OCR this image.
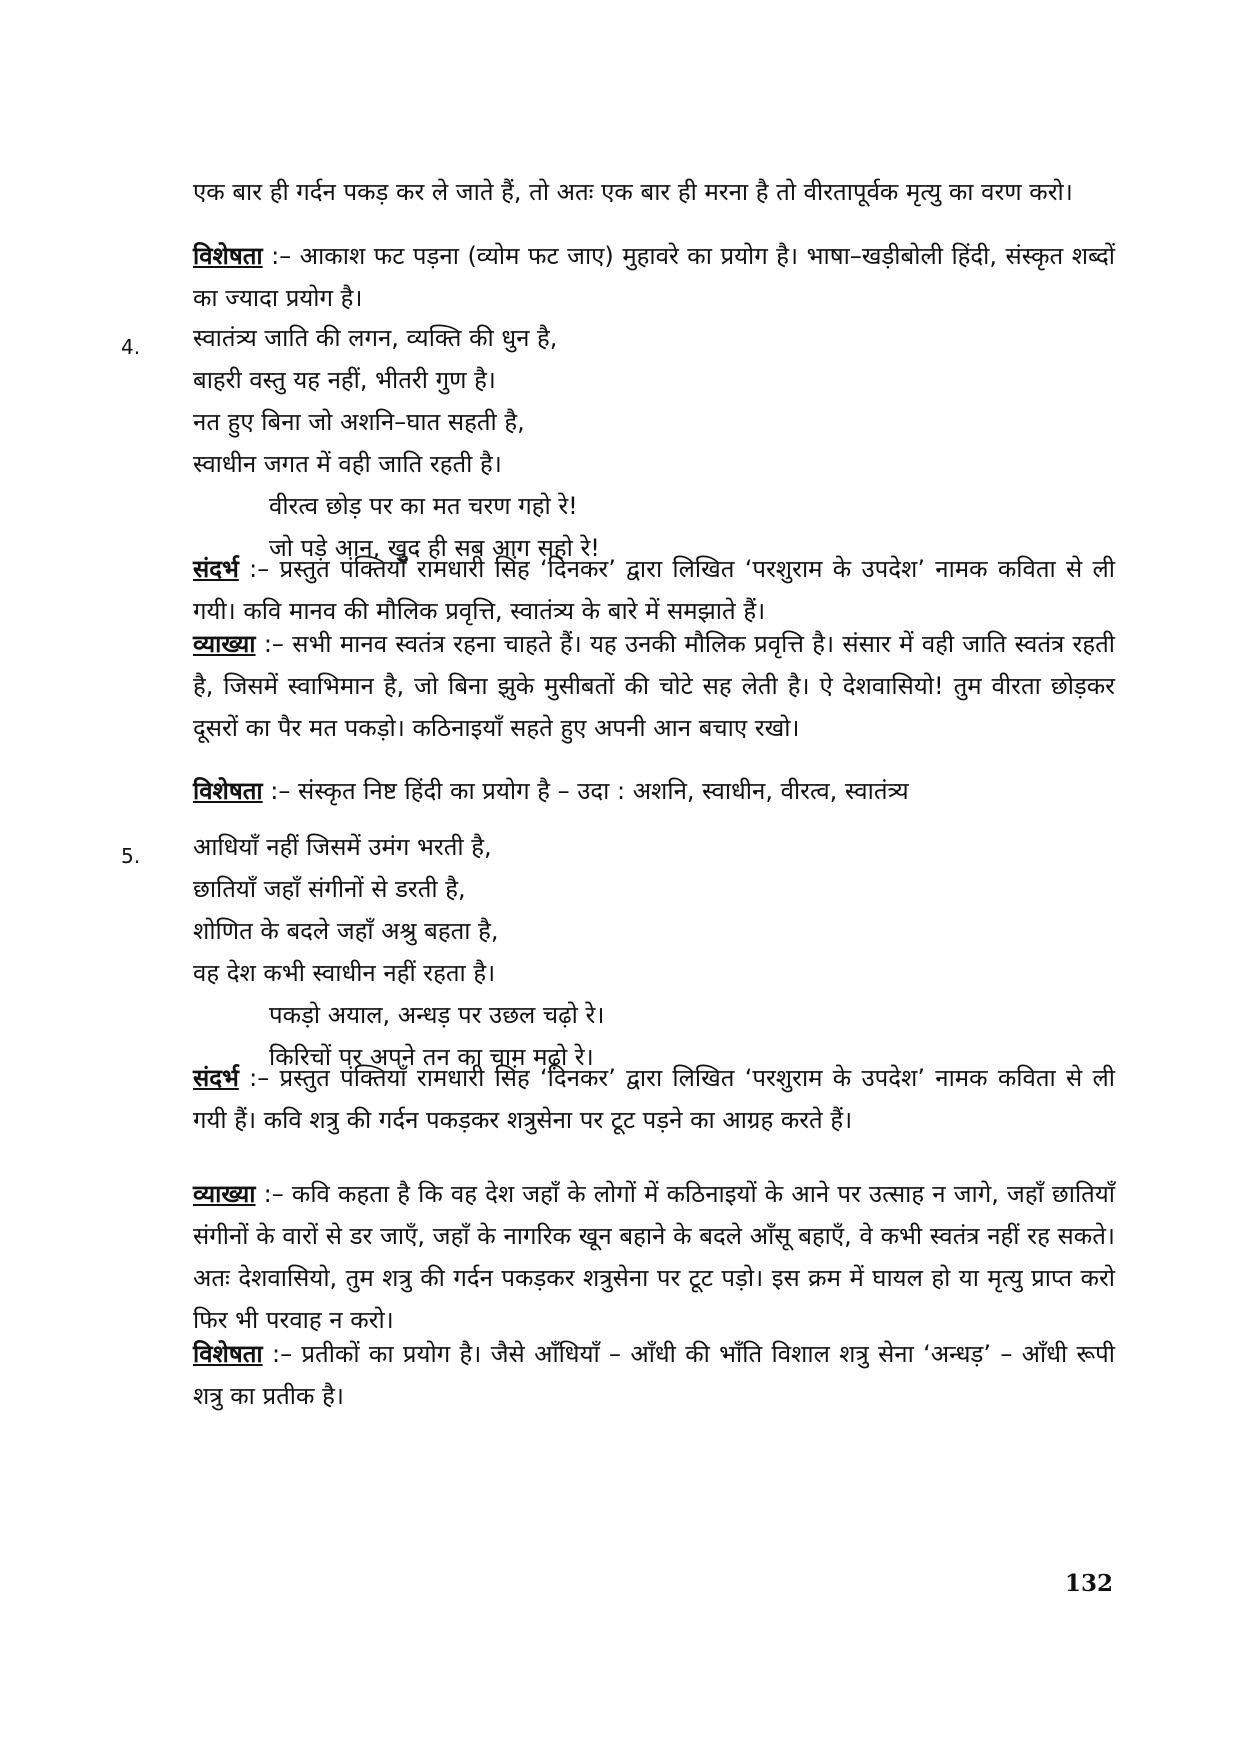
एक बार ही गर्दन पकड़ कर ले जाते हैं, तो अतः एक बार ही मरना है तो वीरतापूर्वक मृत्यु का वरण करो।

विशेषता :– आकाश फट पड़ना (व्योम फट जाए) मुहावरे का प्रयोग है। भाषा–खड़ीबोली हिंदी, संस्कृत शब्दों का ज्यादा प्रयोग है।

4. स्वातंत्र्य जाति की लगन, व्यक्ति की धुन है,
बाहरी वस्तु यह नहीं, भीतरी गुण है।
नत हुए बिना जो अशनि–घात सहती है,
स्वाधीन जगत में वही जाति रहती है।
वीरत्व छोड़ पर का मत चरण गहो रे!
जो पड़े आन, खुद ही सब आग सहो रे!

संदर्भ :– प्रस्तुत पंक्तियाँ रामधारी सिंह ‘दिनकर’ द्वारा लिखित ‘परशुराम के उपदेश’ नामक कविता से ली गयी। कवि मानव की मौलिक प्रवृत्ति, स्वातंत्र्य के बारे में समझाते हैं।

व्याख्या :– सभी मानव स्वतंत्र रहना चाहते हैं। यह उनकी मौलिक प्रवृत्ति है। संसार में वही जाति स्वतंत्र रहती है, जिसमें स्वाभिमान है, जो बिना झुके मुसीबतों की चोटे सह लेती है। ऐ देशवासियो! तुम वीरता छोड़कर दूसरों का पैर मत पकड़ो। कठिनाइयाँ सहते हुए अपनी आन बचाए रखो।

विशेषता :– संस्कृत निष्ट हिंदी का प्रयोग है – उदा : अशनि, स्वाधीन, वीरत्व, स्वातंत्र्य

5. आधियाँ नहीं जिसमें उमंग भरती है,
छातियाँ जहाँ संगीनों से डरती है,
शोणित के बदले जहाँ अश्रु बहता है,
वह देश कभी स्वाधीन नहीं रहता है।
पकड़ो अयाल, अन्धड़ पर उछल चढ़ो रे।
किरिचों पर अपने तन का चाम मढ़ो रे।

संदर्भ :– प्रस्तुत पंक्तियाँ रामधारी सिंह ‘दिनकर’ द्वारा लिखित ‘परशुराम के उपदेश’ नामक कविता से ली गयी हैं। कवि शत्रु की गर्दन पकड़कर शत्रुसेना पर टूट पड़ने का आग्रह करते हैं।

व्याख्या :– कवि कहता है कि वह देश जहाँ के लोगों में कठिनाइयों के आने पर उत्साह न जागे, जहाँ छातियाँ संगीनों के वारों से डर जाएँ, जहाँ के नागरिक खून बहाने के बदले आँसू बहाएँ, वे कभी स्वतंत्र नहीं रह सकते। अतः देशवासियो, तुम शत्रु की गर्दन पकड़कर शत्रुसेना पर टूट पड़ो। इस क्रम में घायल हो या मृत्यु प्राप्त करो फिर भी परवाह न करो।

विशेषता :– प्रतीकों का प्रयोग है। जैसे आँधियाँ – आँधी की भाँति विशाल शत्रु सेना ‘अन्धड़’ – आँधी रूपी शत्रु का प्रतीक है।

132
